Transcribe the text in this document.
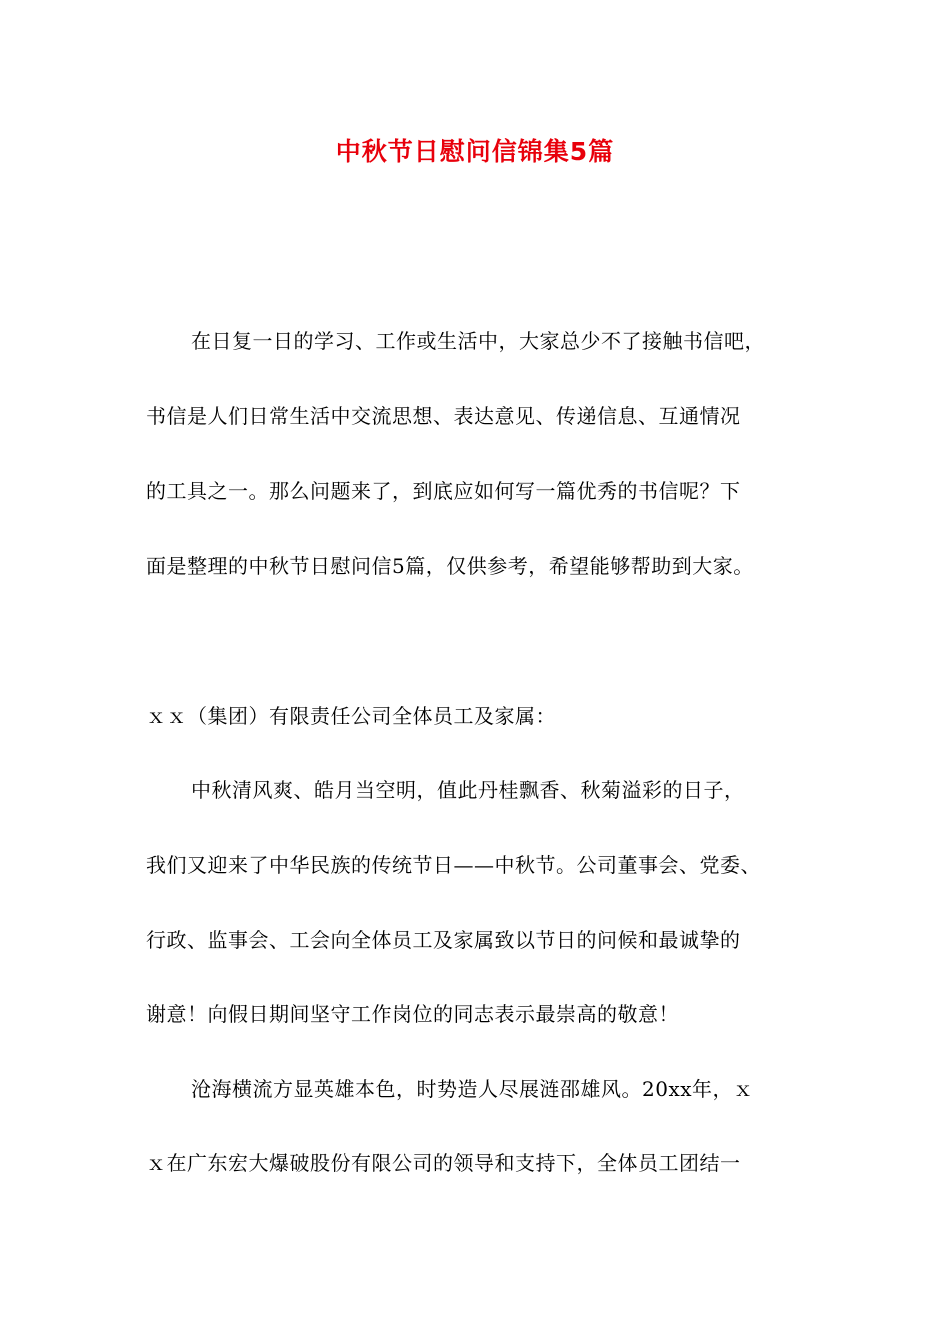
中秋节日慰问信锦集5篇
在日复一日的学习、工作或生活中，大家总少不了接触书信吧，
书信是人们日常生活中交流思想、表达意见、传递信息、互通情况
的工具之一。那么问题来了，到底应如何写一篇优秀的书信呢？下
面是整理的中秋节日慰问信5篇，仅供参考，希望能够帮助到大家。
ｘｘ（集团）有限责任公司全体员工及家属：
中秋清风爽、皓月当空明，值此丹桂飘香、秋菊溢彩的日子，
我们又迎来了中华民族的传统节日——中秋节。公司董事会、党委、
行政、监事会、工会向全体员工及家属致以节日的问候和最诚挚的
谢意！向假日期间坚守工作岗位的同志表示最崇高的敬意！
沧海横流方显英雄本色，时势造人尽展涟邵雄风。20xx年，ｘ
ｘ在广东宏大爆破股份有限公司的领导和支持下，全体员工团结一
